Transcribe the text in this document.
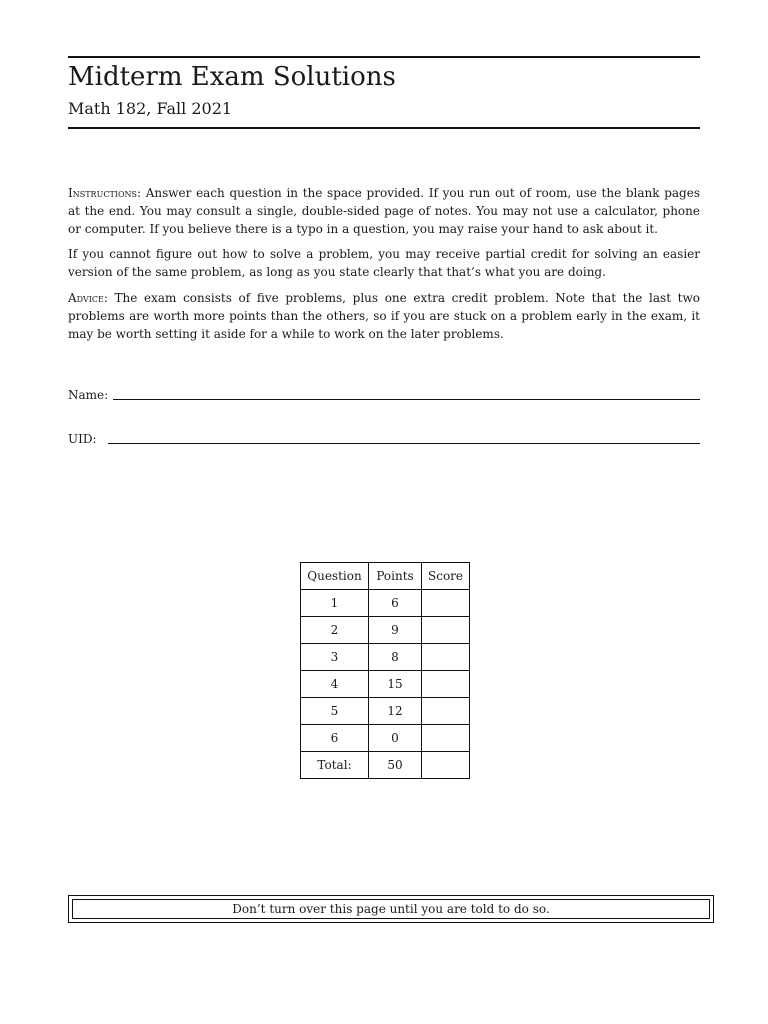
Midterm Exam Solutions
Math 182, Fall 2021
Instructions: Answer each question in the space provided. If you run out of room, use the blank pages at the end. You may consult a single, double-sided page of notes. You may not use a calculator, phone or computer. If you believe there is a typo in a question, you may raise your hand to ask about it.
If you cannot figure out how to solve a problem, you may receive partial credit for solving an easier version of the same problem, as long as you state clearly that that’s what you are doing.
Advice: The exam consists of five problems, plus one extra credit problem. Note that the last two problems are worth more points than the others, so if you are stuck on a problem early in the exam, it may be worth setting it aside for a while to work on the later problems.
Name:
UID:
Question	Points	Score
1	6	
2	9	
3	8	
4	15	
5	12	
6	0	
Total:	50	
Don’t turn over this page until you are told to do so.
